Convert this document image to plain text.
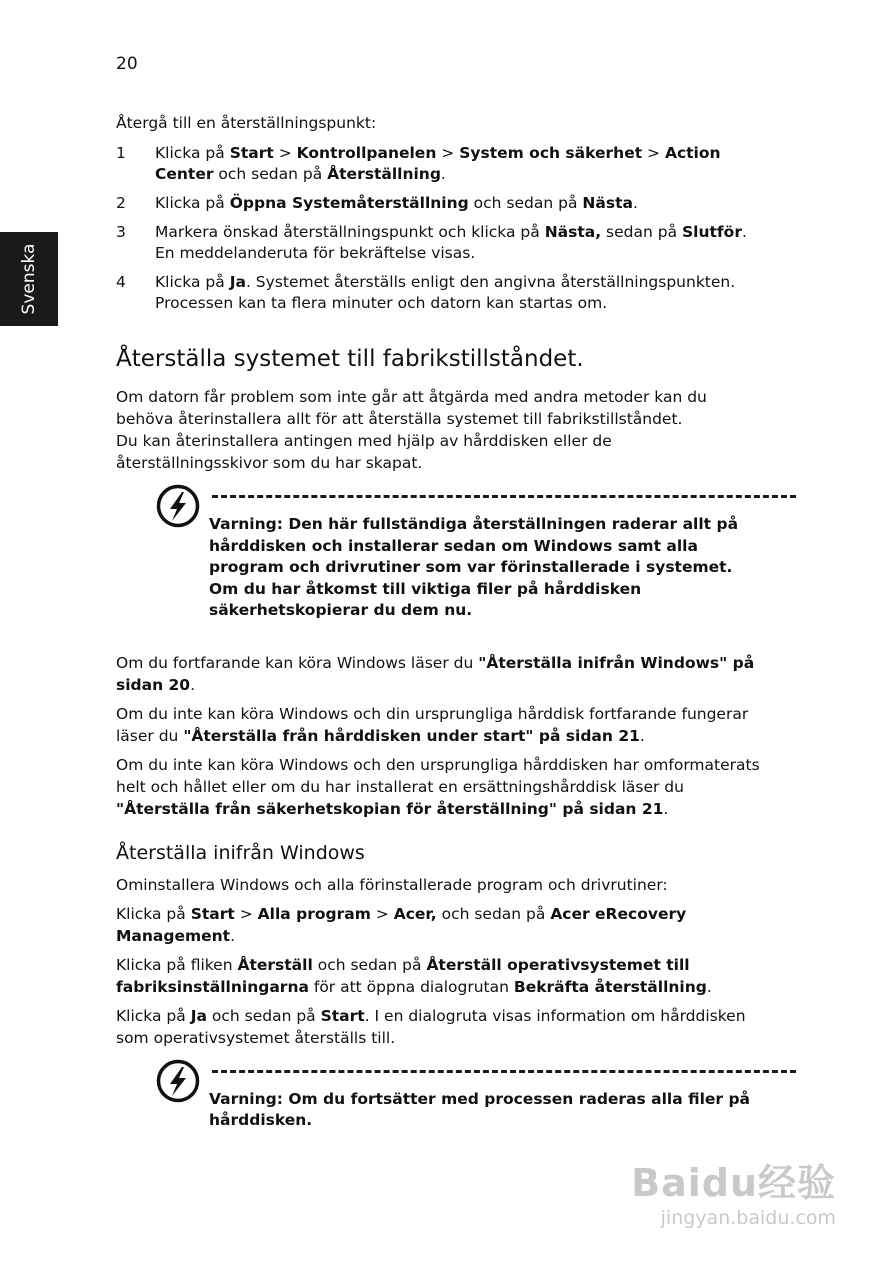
20
Svenska

Återgå till en återställningspunkt:

1	Klicka på Start > Kontrollpanelen > System och säkerhet > Action Center och sedan på Återställning.
2	Klicka på Öppna Systemåterställning och sedan på Nästa.
3	Markera önskad återställningspunkt och klicka på Nästa, sedan på Slutför. En meddelanderuta för bekräftelse visas.
4	Klicka på Ja. Systemet återställs enligt den angivna återställningspunkten. Processen kan ta flera minuter och datorn kan startas om.
Återställa systemet till fabrikstillståndet.

Om datorn får problem som inte går att åtgärda med andra metoder kan du behöva återinstallera allt för att återställa systemet till fabrikstillståndet.
Du kan återinstallera antingen med hjälp av hårddisken eller de återställningsskivor som du har skapat.

Varning: Den här fullständiga återställningen raderar allt på hårddisken och installerar sedan om Windows samt alla program och drivrutiner som var förinstallerade i systemet. Om du har åtkomst till viktiga filer på hårddisken säkerhetskopierar du dem nu.

Om du fortfarande kan köra Windows läser du "Återställa inifrån Windows" på sidan 20.

Om du inte kan köra Windows och din ursprungliga hårddisk fortfarande fungerar läser du "Återställa från hårddisken under start" på sidan 21.

Om du inte kan köra Windows och den ursprungliga hårddisken har omformaterats helt och hållet eller om du har installerat en ersättningshårddisk läser du "Återställa från säkerhetskopian för återställning" på sidan 21.

Återställa inifrån Windows

Ominstallera Windows och alla förinstallerade program och drivrutiner:

Klicka på Start > Alla program > Acer, och sedan på Acer eRecovery Management.

Klicka på fliken Återställ och sedan på Återställ operativsystemet till fabriksinställningarna för att öppna dialogrutan Bekräfta återställning.

Klicka på Ja och sedan på Start. I en dialogruta visas information om hårddisken som operativsystemet återställs till.

Varning: Om du fortsätter med processen raderas alla filer på hårddisken.
Baidu经验
jingyan.baidu.com
